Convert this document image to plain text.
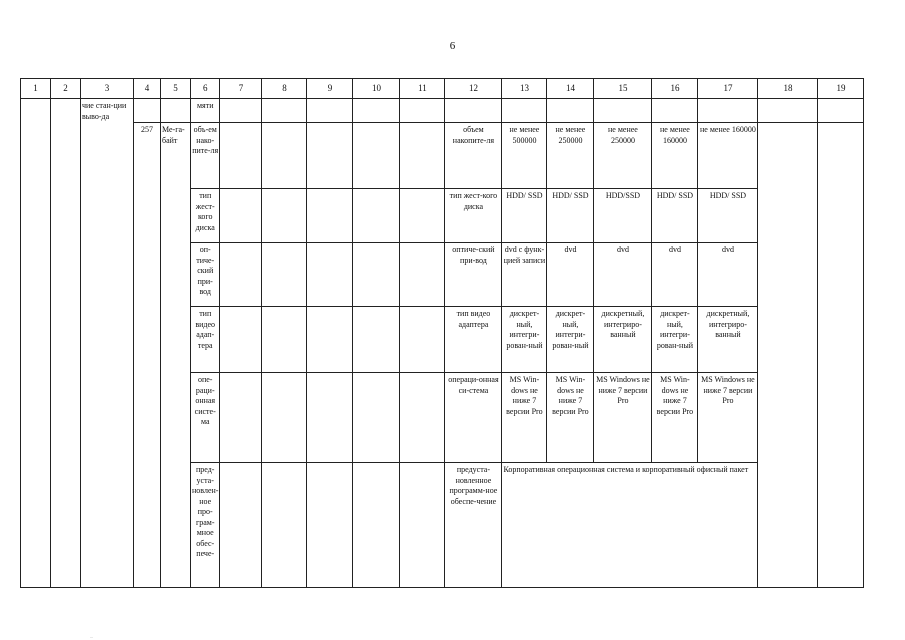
6
1	2	3	4	5	6	7	8	9	10	11	12	13	14	15	16	17	18	19
		чие стан-ции выво-да			мяти													
			257	Ме-га-байт	объ-ем нако-пите-ля						объем накопите-ля	не менее 500000	не менее 250000	не менее 250000	не менее 160000	не менее 160000		
					тип жест-кого диска						тип жест-кого диска	HDD/ SSD	HDD/ SSD	HDD/SSD	HDD/ SSD	HDD/ SSD		
					оп-тиче-ский при-вод						оптиче-ский при-вод	dvd с функ-цией записи	dvd	dvd	dvd	dvd		
					тип видео адап-тера						тип видео адаптера	дискрет-ный, интегри-рован-ный	дискрет-ный, интегри-рован-ный	дискретный, интегриро-ванный	дискрет-ный, интегри-рован-ный	дискретный, интегриро-ванный		
					опе-раци-онная систе-ма						операци-онная си-стема	MS Win-dows не ниже 7 версии Pro	MS Win-dows не ниже 7 версии Pro	MS Windows не ниже 7 версии Pro	MS Win-dows не ниже 7 версии Pro	MS Windows не ниже 7 версии Pro		
					пред-уста-новлен-ное про-грам-мное обес-пече-						предуста-новленное программ-ное обеспе-чение	Корпоративная операционная система и корпоративный офисный пакет						
...
